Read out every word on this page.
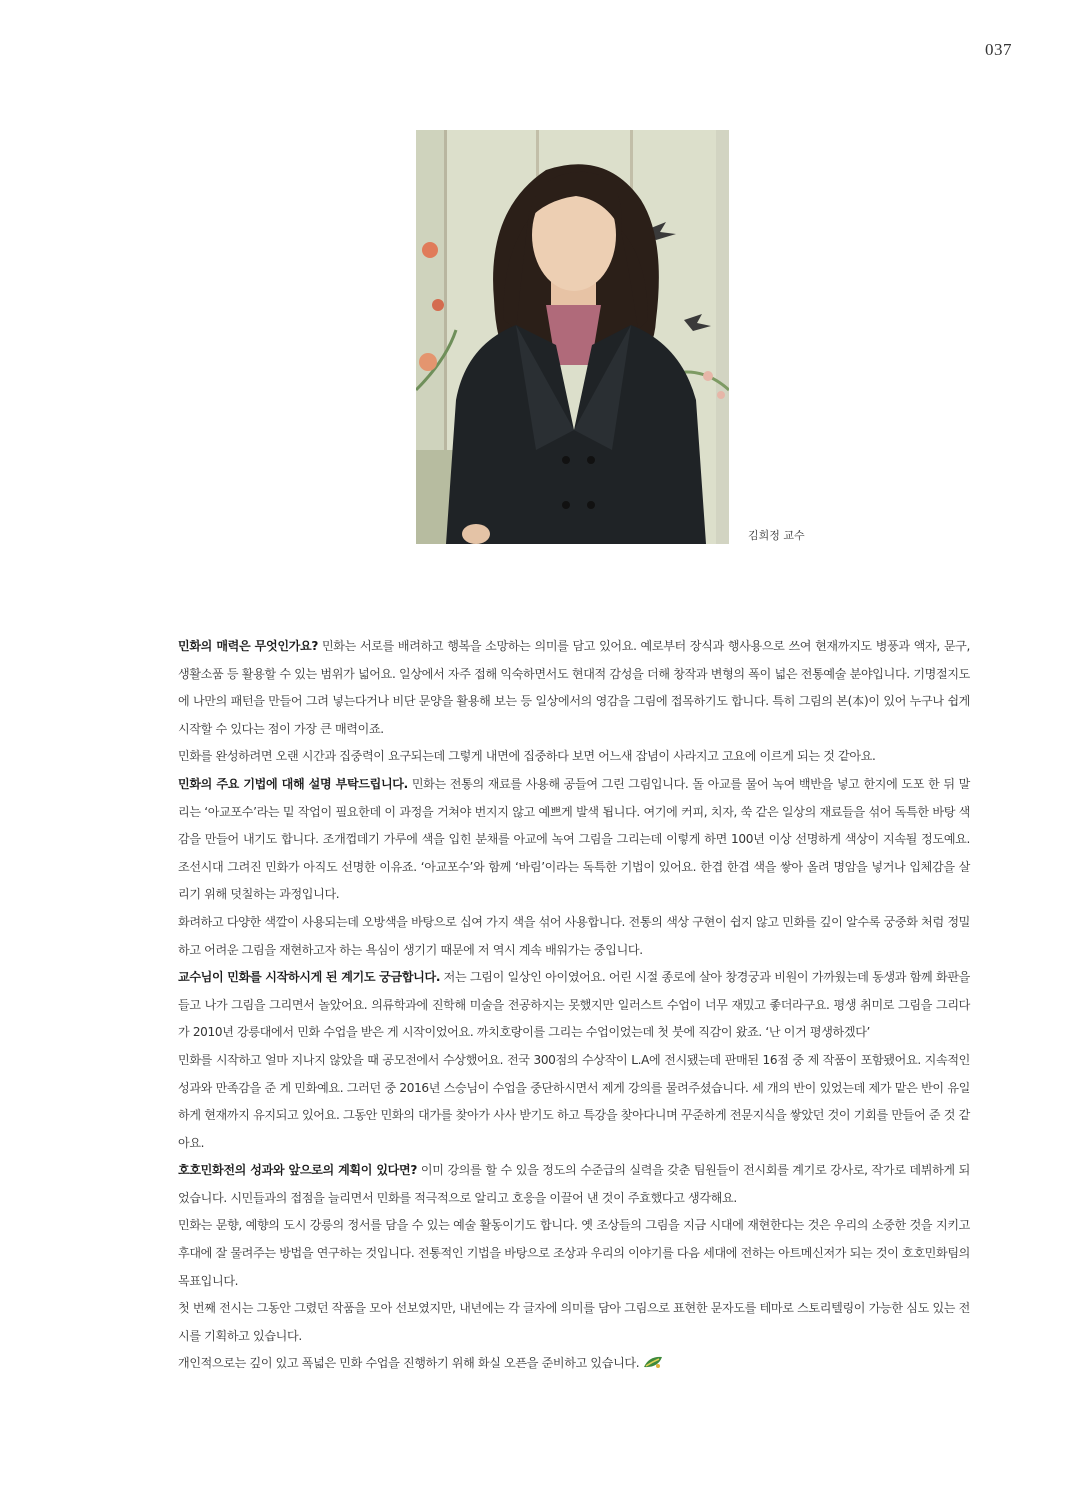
037
김희정 교수

민화의 매력은 무엇인가요? 민화는 서로를 배려하고 행복을 소망하는 의미를 담고 있어요. 예로부터 장식과 행사용으로 쓰여 현재까지도 병풍과 액자, 문구, 생활소품 등 활용할 수 있는 범위가 넓어요. 일상에서 자주 접해 익숙하면서도 현대적 감성을 더해 창작과 변형의 폭이 넓은 전통예술 분야입니다. 기명절지도에 나만의 패턴을 만들어 그려 넣는다거나 비단 문양을 활용해 보는 등 일상에서의 영감을 그림에 접목하기도 합니다. 특히 그림의 본(本)이 있어 누구나 쉽게 시작할 수 있다는 점이 가장 큰 매력이죠.

민화를 완성하려면 오랜 시간과 집중력이 요구되는데 그렇게 내면에 집중하다 보면 어느새 잡념이 사라지고 고요에 이르게 되는 것 같아요.

민화의 주요 기법에 대해 설명 부탁드립니다. 민화는 전통의 재료를 사용해 공들여 그린 그림입니다. 돌 아교를 물어 녹여 백반을 넣고 한지에 도포 한 뒤 말리는 ‘아교포수’라는 밑 작업이 필요한데 이 과정을 거쳐야 번지지 않고 예쁘게 발색 됩니다. 여기에 커피, 치자, 쑥 같은 일상의 재료들을 섞어 독특한 바탕 색감을 만들어 내기도 합니다. 조개껍데기 가루에 색을 입힌 분채를 아교에 녹여 그림을 그리는데 이렇게 하면 100년 이상 선명하게 색상이 지속될 정도예요. 조선시대 그려진 민화가 아직도 선명한 이유죠. ‘아교포수’와 함께 ‘바림’이라는 독특한 기법이 있어요. 한겹 한겹 색을 쌓아 올려 명암을 넣거나 입체감을 살리기 위해 덧칠하는 과정입니다.

화려하고 다양한 색깔이 사용되는데 오방색을 바탕으로 십여 가지 색을 섞어 사용합니다. 전통의 색상 구현이 쉽지 않고 민화를 깊이 알수록 궁중화 처럼 정밀하고 어려운 그림을 재현하고자 하는 욕심이 생기기 때문에 저 역시 계속 배워가는 중입니다.

교수님이 민화를 시작하시게 된 계기도 궁금합니다. 저는 그림이 일상인 아이였어요. 어린 시절 종로에 살아 창경궁과 비원이 가까웠는데 동생과 함께 화판을 들고 나가 그림을 그리면서 놀았어요. 의류학과에 진학해 미술을 전공하지는 못했지만 일러스트 수업이 너무 재밌고 좋더라구요. 평생 취미로 그림을 그리다가 2010년 강릉대에서 민화 수업을 받은 게 시작이었어요. 까치호랑이를 그리는 수업이었는데 첫 붓에 직감이 왔죠. ‘난 이거 평생하겠다’

민화를 시작하고 얼마 지나지 않았을 때 공모전에서 수상했어요. 전국 300점의 수상작이 L.A에 전시됐는데 판매된 16점 중 제 작품이 포함됐어요. 지속적인 성과와 만족감을 준 게 민화예요. 그러던 중 2016년 스승님이 수업을 중단하시면서 제게 강의를 물려주셨습니다. 세 개의 반이 있었는데 제가 맡은 반이 유일하게 현재까지 유지되고 있어요. 그동안 민화의 대가를 찾아가 사사 받기도 하고 특강을 찾아다니며 꾸준하게 전문지식을 쌓았던 것이 기회를 만들어 준 것 같아요.

호호민화전의 성과와 앞으로의 계획이 있다면? 이미 강의를 할 수 있을 정도의 수준급의 실력을 갖춘 팀원들이 전시회를 계기로 강사로, 작가로 데뷔하게 되었습니다. 시민들과의 접점을 늘리면서 민화를 적극적으로 알리고 호응을 이끌어 낸 것이 주효했다고 생각해요.

민화는 문향, 예향의 도시 강릉의 정서를 담을 수 있는 예술 활동이기도 합니다. 옛 조상들의 그림을 지금 시대에 재현한다는 것은 우리의 소중한 것을 지키고 후대에 잘 물려주는 방법을 연구하는 것입니다. 전통적인 기법을 바탕으로 조상과 우리의 이야기를 다음 세대에 전하는 아트메신저가 되는 것이 호호민화팀의 목표입니다.

첫 번째 전시는 그동안 그렸던 작품을 모아 선보였지만, 내년에는 각 글자에 의미를 담아 그림으로 표현한 문자도를 테마로 스토리텔링이 가능한 심도 있는 전시를 기획하고 있습니다.

개인적으로는 깊이 있고 폭넓은 민화 수업을 진행하기 위해 화실 오픈을 준비하고 있습니다.
